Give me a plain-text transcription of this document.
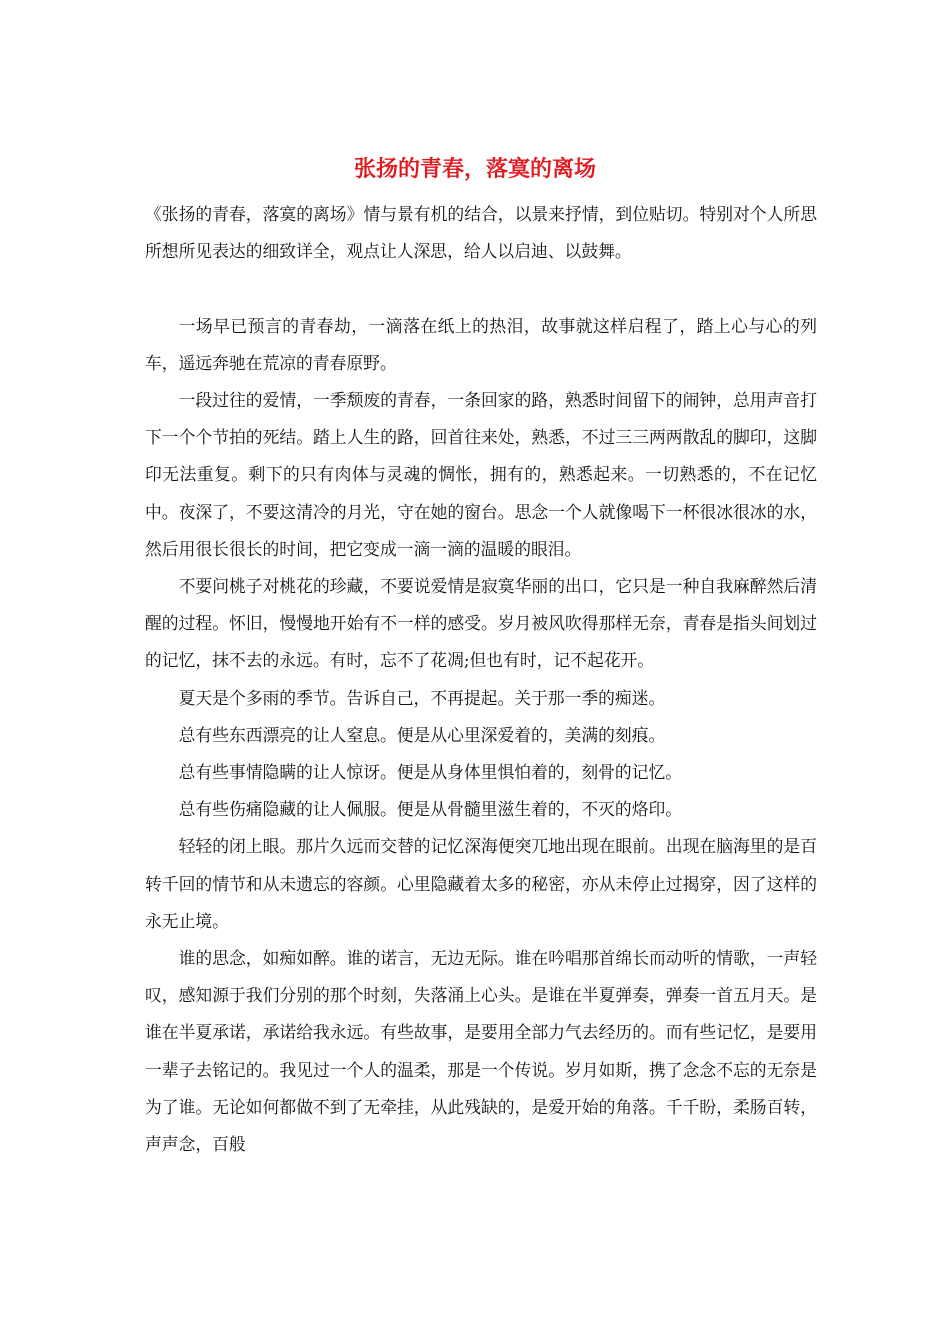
张扬的青春，落寞的离场

《张扬的青春，落寞的离场》情与景有机的结合，以景来抒情，到位贴切。特别对个人所思所想所见表达的细致详全，观点让人深思，给人以启迪、以鼓舞。

一场早已预言的青春劫，一滴落在纸上的热泪，故事就这样启程了，踏上心与心的列车，遥远奔驰在荒凉的青春原野。

一段过往的爱情，一季颓废的青春，一条回家的路，熟悉时间留下的闹钟，总用声音打下一个个节拍的死结。踏上人生的路，回首往来处，熟悉，不过三三两两散乱的脚印，这脚印无法重复。剩下的只有肉体与灵魂的惆怅，拥有的，熟悉起来。一切熟悉的，不在记忆中。夜深了，不要这清冷的月光，守在她的窗台。思念一个人就像喝下一杯很冰很冰的水，然后用很长很长的时间，把它变成一滴一滴的温暖的眼泪。

不要问桃子对桃花的珍藏，不要说爱情是寂寞华丽的出口，它只是一种自我麻醉然后清醒的过程。怀旧，慢慢地开始有不一样的感受。岁月被风吹得那样无奈，青春是指头间划过的记忆，抹不去的永远。有时，忘不了花凋;但也有时，记不起花开。

夏天是个多雨的季节。告诉自己，不再提起。关于那一季的痴迷。

总有些东西漂亮的让人窒息。便是从心里深爱着的，美满的刻痕。

总有些事情隐瞒的让人惊讶。便是从身体里惧怕着的，刻骨的记忆。

总有些伤痛隐藏的让人佩服。便是从骨髓里滋生着的，不灭的烙印。

轻轻的闭上眼。那片久远而交替的记忆深海便突兀地出现在眼前。出现在脑海里的是百转千回的情节和从未遗忘的容颜。心里隐藏着太多的秘密，亦从未停止过揭穿，因了这样的永无止境。

谁的思念，如痴如醉。谁的诺言，无边无际。谁在吟唱那首绵长而动听的情歌，一声轻叹，感知源于我们分别的那个时刻，失落涌上心头。是谁在半夏弹奏，弹奏一首五月天。是谁在半夏承诺，承诺给我永远。有些故事，是要用全部力气去经历的。而有些记忆，是要用一辈子去铭记的。我见过一个人的温柔，那是一个传说。岁月如斯，携了念念不忘的无奈是为了谁。无论如何都做不到了无牵挂，从此残缺的，是爱开始的角落。千千盼，柔肠百转，声声念，百般
